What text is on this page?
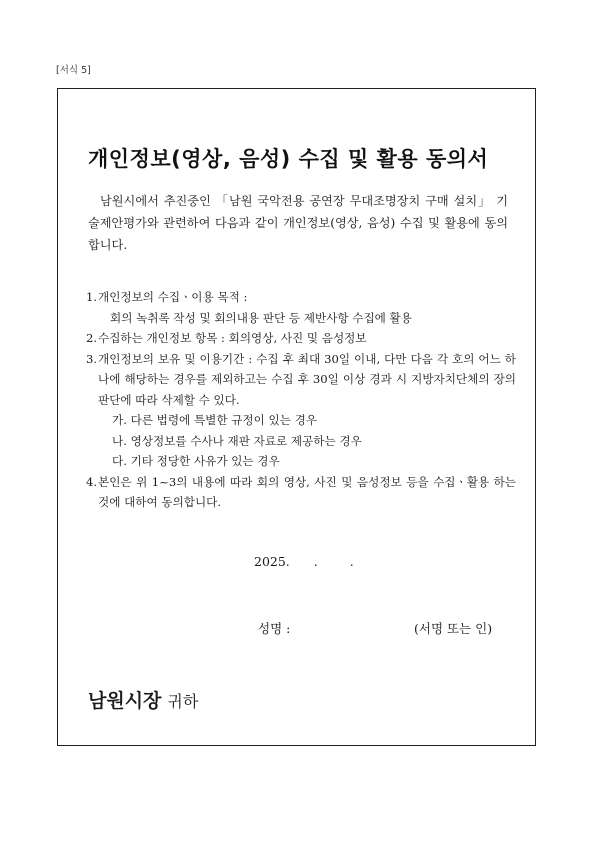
[서식 5]
개인정보(영상, 음성) 수집 및 활용 동의서
남원시에서 추진중인 「남원 국악전용 공연장 무대조명장치 구매 설치」 기술제안평가와 관련하여 다음과 같이 개인정보(영상, 음성) 수집 및 활용에 동의합니다.
1. 개인정보의 수집ㆍ이용 목적 :
회의 녹취록 작성 및 회의내용 판단 등 제반사항 수집에 활용
2. 수집하는 개인정보 항목 : 회의영상, 사진 및 음성정보
3. 개인정보의 보유 및 이용기간 : 수집 후 최대 30일 이내, 다만 다음 각 호의 어느 하나에 해당하는 경우를 제외하고는 수집 후 30일 이상 경과 시 지방자치단체의 장의 판단에 따라 삭제할 수 있다.
가. 다른 법령에 특별한 규정이 있는 경우
나. 영상정보를 수사나 재판 자료로 제공하는 경우
다. 기타 정당한 사유가 있는 경우
4. 본인은 위 1~3의 내용에 따라 회의 영상, 사진 및 음성정보 등을 수집ㆍ활용 하는 것에 대하여 동의합니다.
2025. .	.
성명 :	(서명 또는 인)
남원시장 귀하
